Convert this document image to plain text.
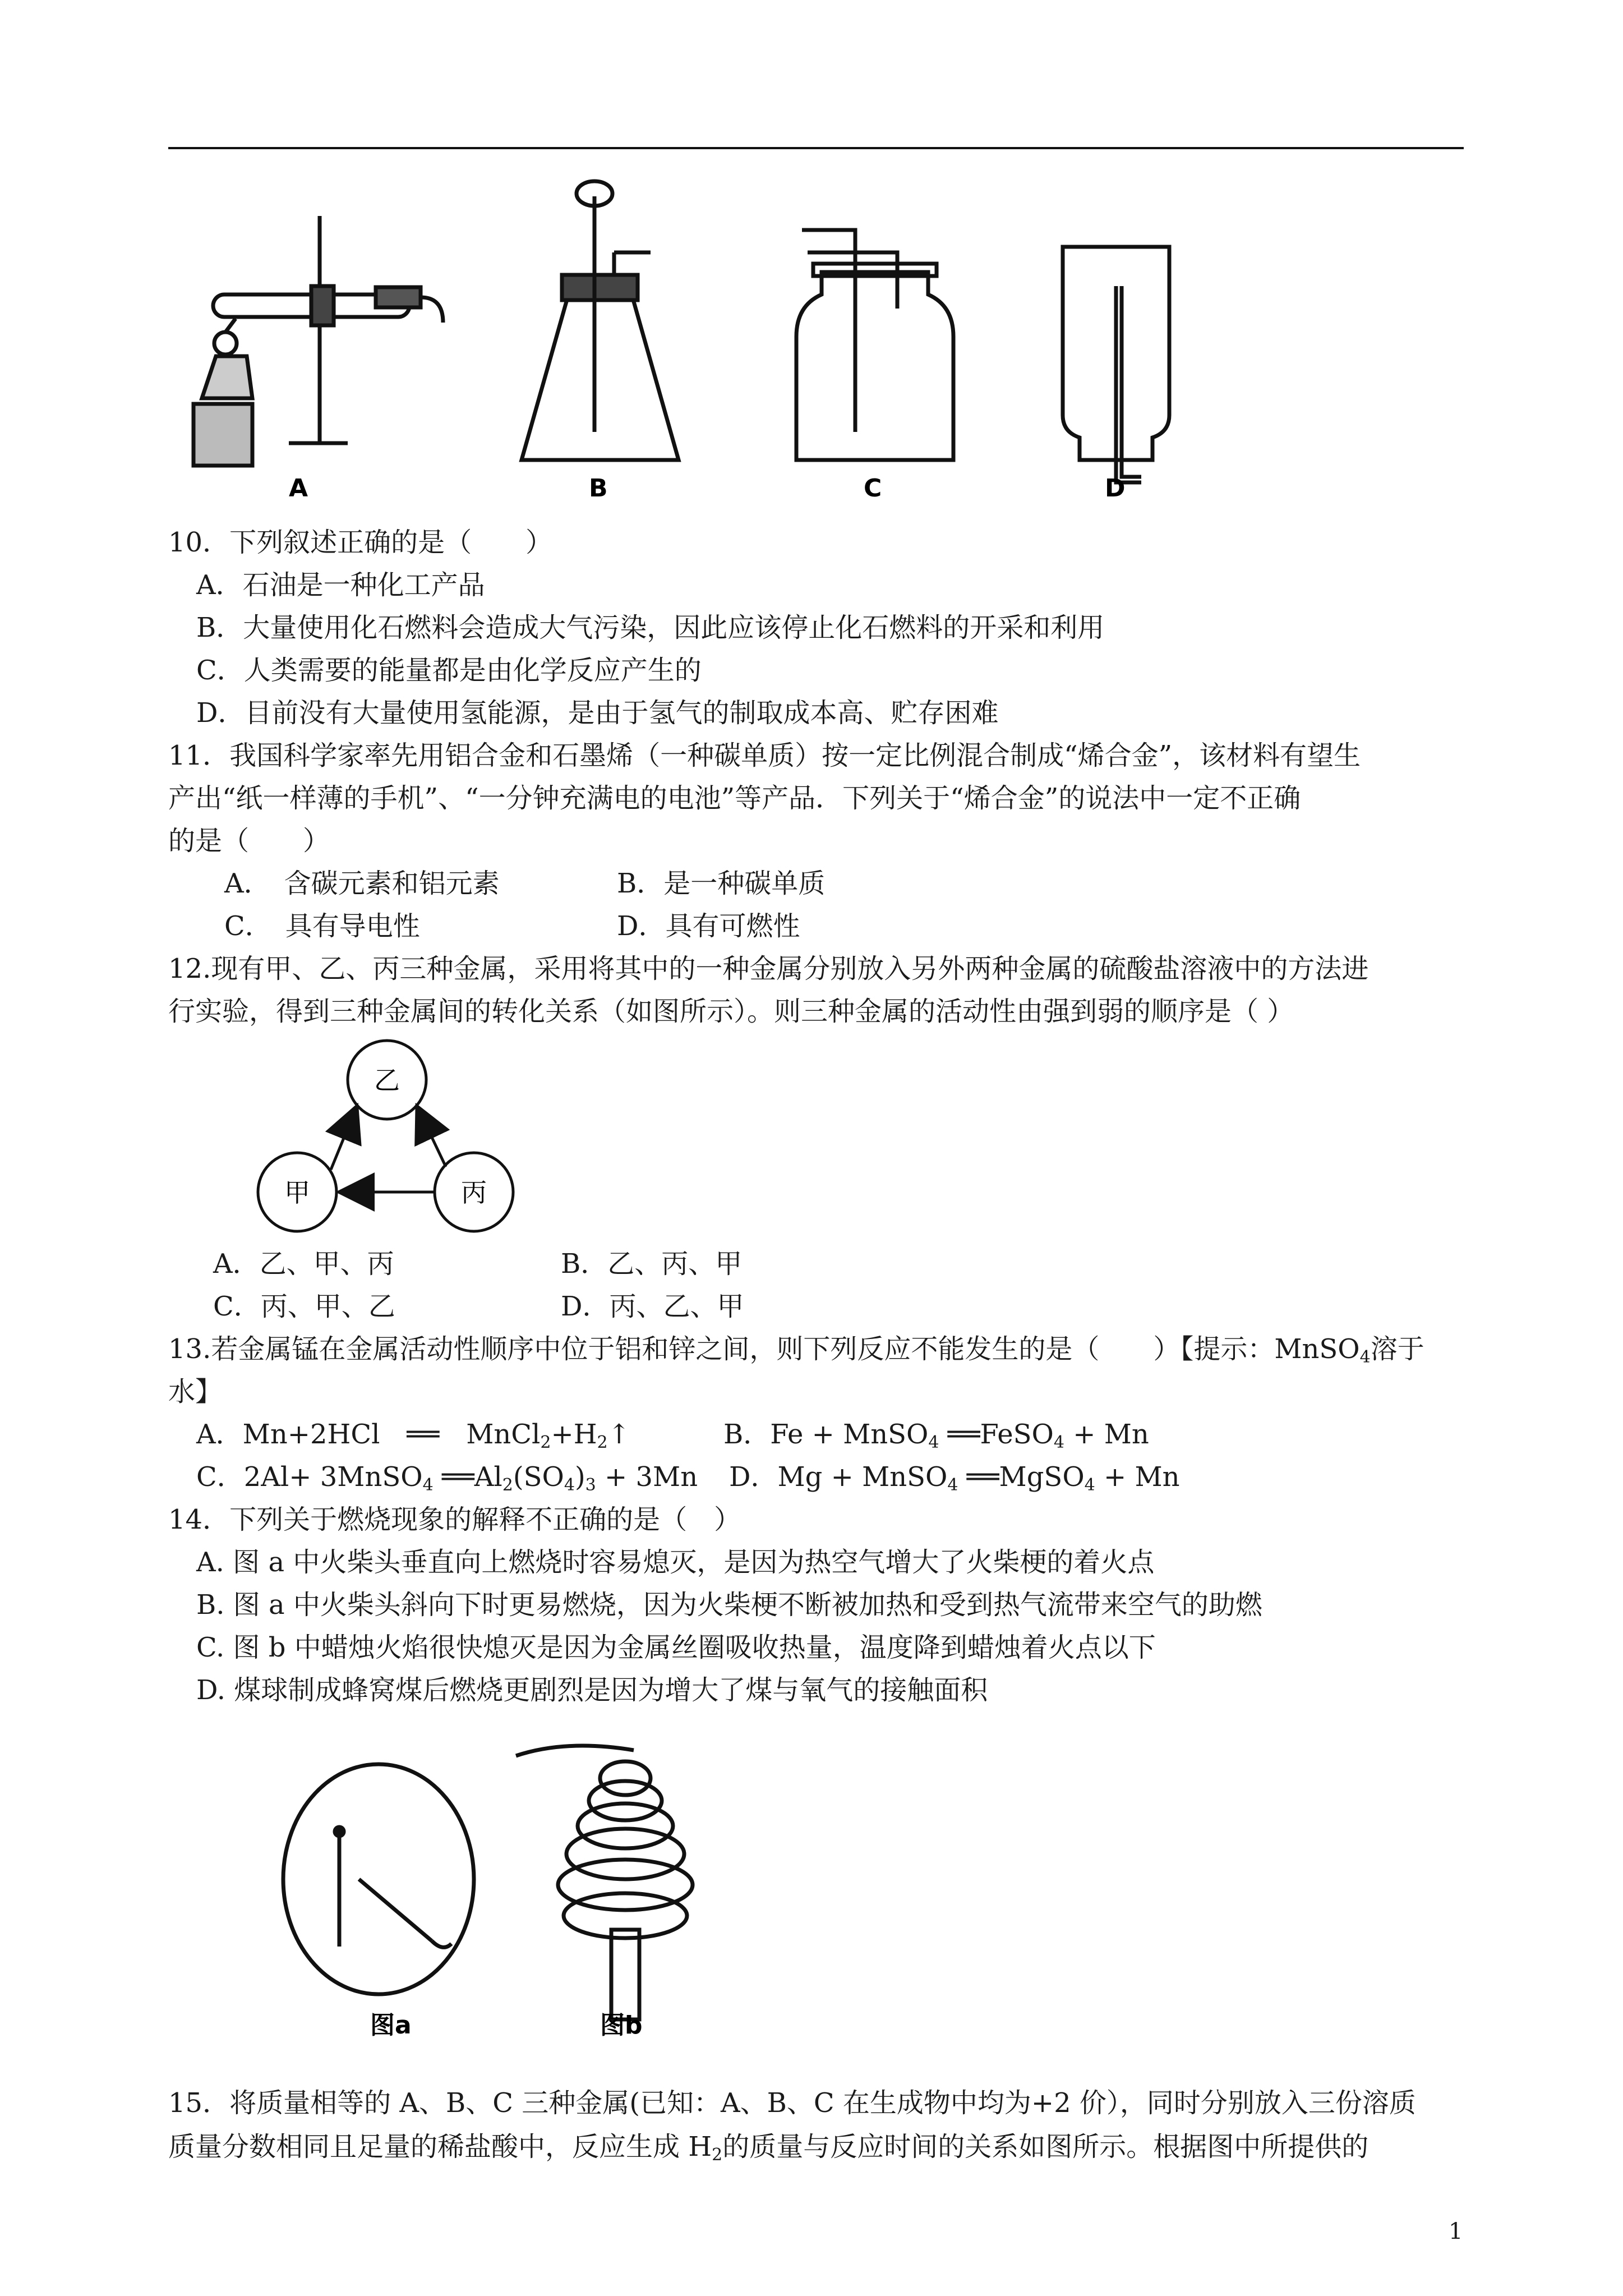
A	B	C	D
10．下列叙述正确的是（　　）
A．石油是一种化工产品
B．大量使用化石燃料会造成大气污染，因此应该停止化石燃料的开采和利用
C．人类需要的能量都是由化学反应产生的
D．目前没有大量使用氢能源，是由于氢气的制取成本高、贮存困难
11．我国科学家率先用铝合金和石墨烯（一种碳单质）按一定比例混合制成“烯合金”，该材料有望生
产出“纸一样薄的手机”、“一分钟充满电的电池”等产品．下列关于“烯合金”的说法中一定不正确
的是（　　）
A．　含碳元素和铝元素	B．是一种碳单质
C．　具有导电性	D．具有可燃性
12.现有甲、乙、丙三种金属，采用将其中的一种金属分别放入另外两种金属的硫酸盐溶液中的方法进
行实验，得到三种金属间的转化关系（如图所示）。则三种金属的活动性由强到弱的顺序是（ ）
乙
甲	丙
A．乙、甲、丙	B．乙、丙、甲
C．丙、甲、乙	D．丙、乙、甲
13.若金属锰在金属活动性顺序中位于铝和锌之间，则下列反应不能发生的是（　　）【提示：MnSO$_4$溶于
水】
A．Mn+2HCl　══　$MnCl_2+H_2↑$	B．Fe + MnSO$_4$ ══FeSO$_4$ + Mn
C．2Al+ 3MnSO$_4$ $══Al_2(SO_4)_3 + 3Mn$ D．Mg + MnSO$_4$ ══MgSO$_4$ + Mn
14．下列关于燃烧现象的解释不正确的是（　）
A. 图 a 中火柴头垂直向上燃烧时容易熄灭，是因为热空气增大了火柴梗的着火点
B. 图 a 中火柴头斜向下时更易燃烧，因为火柴梗不断被加热和受到热气流带来空气的助燃
C. 图 b 中蜡烛火焰很快熄灭是因为金属丝圈吸收热量，温度降到蜡烛着火点以下
D. 煤球制成蜂窝煤后燃烧更剧烈是因为增大了煤与氧气的接触面积
图a	图b
15．将质量相等的 A、B、C 三种金属(已知：A、B、C 在生成物中均为+2 价），同时分别放入三份溶质
质量分数相同且足量的稀盐酸中，反应生成 $H_2$的质量与反应时间的关系如图所示。根据图中所提供的
1
